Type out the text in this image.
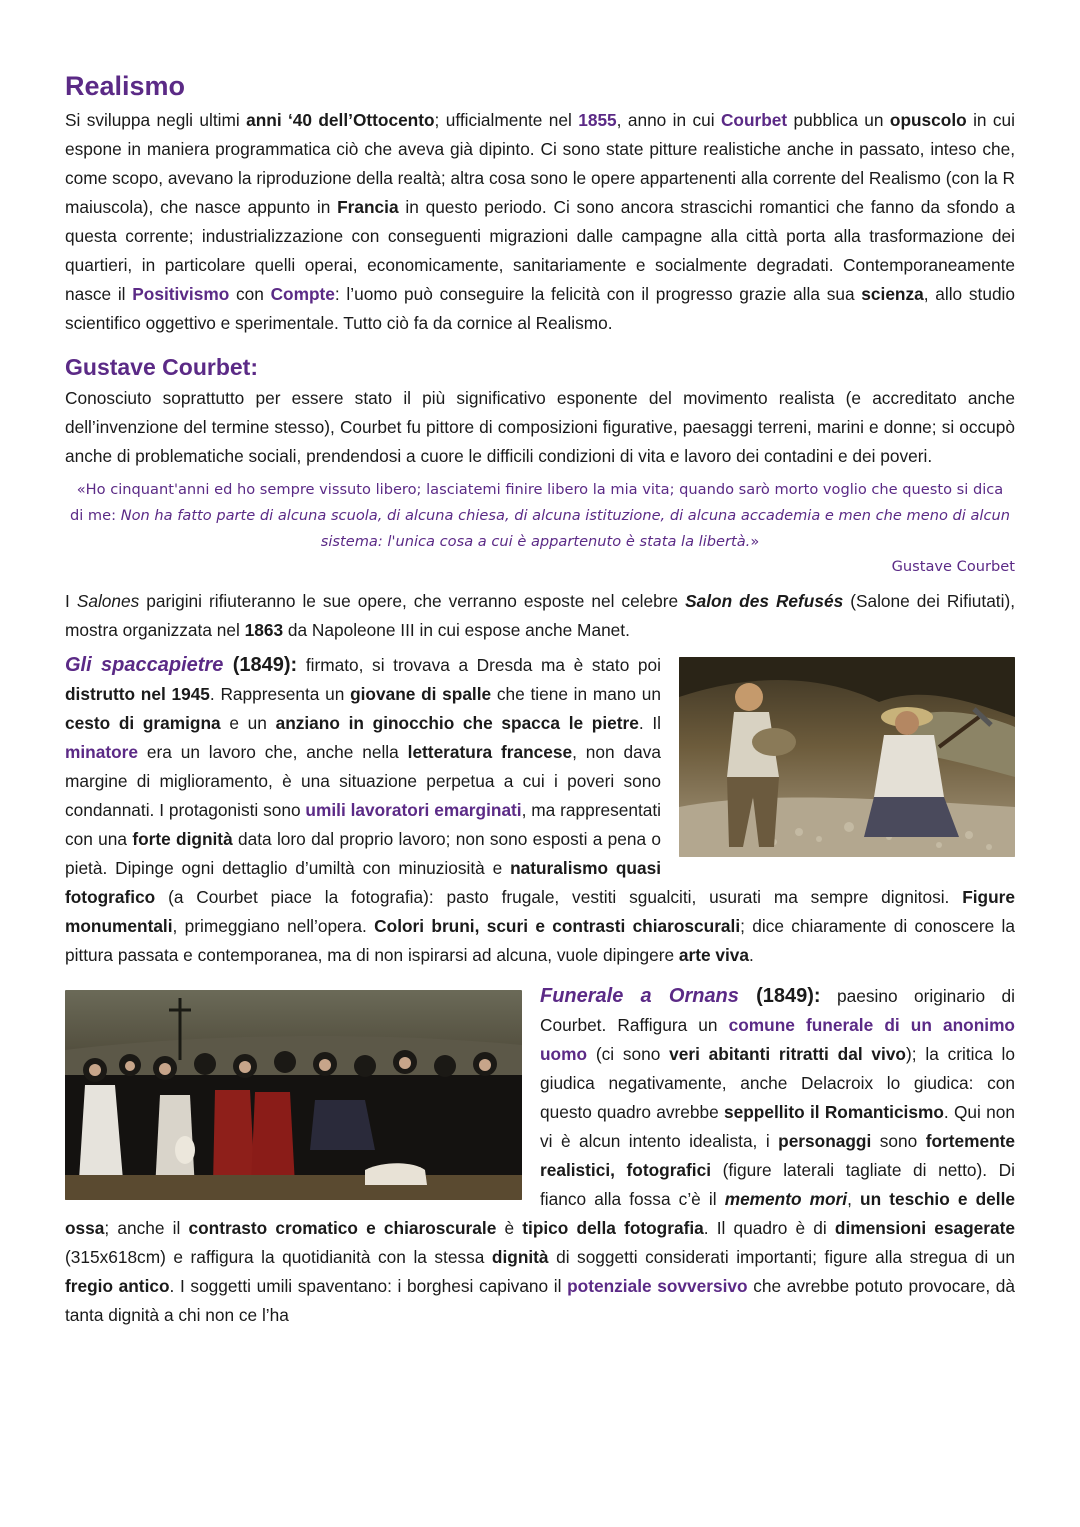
Realismo

Si sviluppa negli ultimi anni ‘40 dell’Ottocento; ufficialmente nel 1855, anno in cui Courbet pubblica un opuscolo in cui espone in maniera programmatica ciò che aveva già dipinto. Ci sono state pitture realistiche anche in passato, inteso che, come scopo, avevano la riproduzione della realtà; altra cosa sono le opere appartenenti alla corrente del Realismo (con la R maiuscola), che nasce appunto in Francia in questo periodo. Ci sono ancora strascichi romantici che fanno da sfondo a questa corrente; industrializzazione con conseguenti migrazioni dalle campagne alla città porta alla trasformazione dei quartieri, in particolare quelli operai, economicamente, sanitariamente e socialmente degradati. Contemporaneamente nasce il Positivismo con Compte: l’uomo può conseguire la felicità con il progresso grazie alla sua scienza, allo studio scientifico oggettivo e sperimentale. Tutto ciò fa da cornice al Realismo.

Gustave Courbet:

Conosciuto soprattutto per essere stato il più significativo esponente del movimento realista (e accreditato anche dell’invenzione del termine stesso), Courbet fu pittore di composizioni figurative, paesaggi terreni, marini e donne; si occupò anche di problematiche sociali, prendendosi a cuore le difficili condizioni di vita e lavoro dei contadini e dei poveri.

«Ho cinquant'anni ed ho sempre vissuto libero; lasciatemi finire libero la mia vita; quando sarò morto voglio che questo si dica di me: Non ha fatto parte di alcuna scuola, di alcuna chiesa, di alcuna istituzione, di alcuna accademia e men che meno di alcun sistema: l'unica cosa a cui è appartenuto è stata la libertà.»

Gustave Courbet

I Salones parigini rifiuteranno le sue opere, che verranno esposte nel celebre Salon des Refusés (Salone dei Rifiutati), mostra organizzata nel 1863 da Napoleone III in cui espose anche Manet.

Gli spaccapietre (1849): firmato, si trovava a Dresda ma è stato poi distrutto nel 1945. Rappresenta un giovane di spalle che tiene in mano un cesto di gramigna e un anziano in ginocchio che spacca le pietre. Il minatore era un lavoro che, anche nella letteratura francese, non dava margine di miglioramento, è una situazione perpetua a cui i poveri sono condannati. I protagonisti sono umili lavoratori emarginati, ma rappresentati con una forte dignità data loro dal proprio lavoro; non sono esposti a pena o pietà. Dipinge ogni dettaglio d’umiltà con minuziosità e naturalismo quasi fotografico (a Courbet piace la fotografia): pasto frugale, vestiti sgualciti, usurati ma sempre dignitosi. Figure monumentali, primeggiano nell’opera. Colori bruni, scuri e contrasti chiaroscurali; dice chiaramente di conoscere la pittura passata e contemporanea, ma di non ispirarsi ad alcuna, vuole dipingere arte viva.

Funerale a Ornans (1849): paesino originario di Courbet. Raffigura un comune funerale di un anonimo uomo (ci sono veri abitanti ritratti dal vivo); la critica lo giudica negativamente, anche Delacroix lo giudica: con questo quadro avrebbe seppellito il Romanticismo. Qui non vi è alcun intento idealista, i personaggi sono fortemente realistici, fotografici (figure laterali tagliate di netto). Di fianco alla fossa c’è il memento mori, un teschio e delle ossa; anche il contrasto cromatico e chiaroscurale è tipico della fotografia. Il quadro è di dimensioni esagerate (315x618cm) e raffigura la quotidianità con la stessa dignità di soggetti considerati importanti; figure alla stregua di un fregio antico. I soggetti umili spaventano: i borghesi capivano il potenziale sovversivo che avrebbe potuto provocare, dà tanta dignità a chi non ce l’ha
